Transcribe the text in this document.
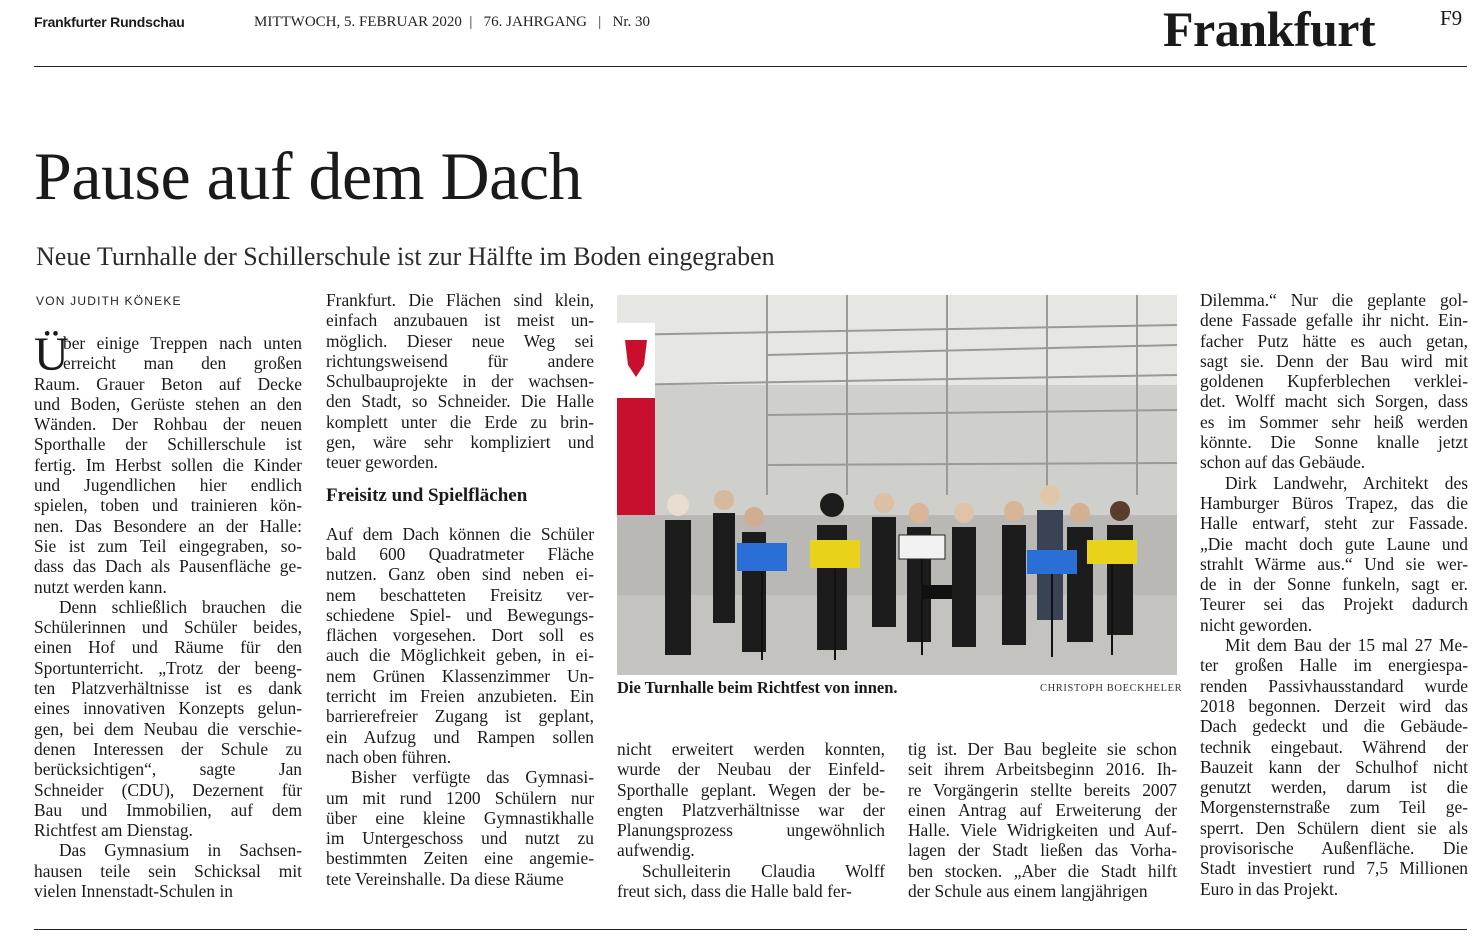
Frankfurter Rundschau	MITTWOCH, 5. FEBRUAR 2020  |   76. JAHRGANG   |   Nr. 30	Frankfurt	F9
Pause auf dem Dach
Neue Turnhalle der Schillerschule ist zur Hälfte im Boden eingegraben
VON JUDITH KÖNEKE
Ü
ber einige Treppen nach unten
erreicht man den großen
Raum. Grauer Beton auf Decke
und Boden, Gerüste stehen an den
Wänden. Der Rohbau der neuen
Sporthalle der Schillerschule ist
fertig. Im Herbst sollen die Kinder
und Jugendlichen hier endlich
spielen, toben und trainieren kön-
nen. Das Besondere an der Halle:
Sie ist zum Teil eingegraben, so-
dass das Dach als Pausenfläche ge-
nutzt werden kann.
Denn schließlich brauchen die
Schülerinnen und Schüler beides,
einen Hof und Räume für den
Sportunterricht. „Trotz der beeng-
ten Platzverhältnisse ist es dank
eines innovativen Konzepts gelun-
gen, bei dem Neubau die verschie-
denen Interessen der Schule zu
berücksichtigen“, sagte Jan
Schneider (CDU), Dezernent für
Bau und Immobilien, auf dem
Richtfest am Dienstag.
Das Gymnasium in Sachsen-
hausen teile sein Schicksal mit
vielen Innenstadt-Schulen in
Frankfurt. Die Flächen sind klein,
einfach anzubauen ist meist un-
möglich. Dieser neue Weg sei
richtungsweisend für andere
Schulbauprojekte in der wachsen-
den Stadt, so Schneider. Die Halle
komplett unter die Erde zu brin-
gen, wäre sehr kompliziert und
teuer geworden.
Freisitz und Spielflächen
Auf dem Dach können die Schüler
bald 600 Quadratmeter Fläche
nutzen. Ganz oben sind neben ei-
nem beschatteten Freisitz ver-
schiedene Spiel- und Bewegungs-
flächen vorgesehen. Dort soll es
auch die Möglichkeit geben, in ei-
nem Grünen Klassenzimmer Un-
terricht im Freien anzubieten. Ein
barrierefreier Zugang ist geplant,
ein Aufzug und Rampen sollen
nach oben führen.
Bisher verfügte das Gymnasi-
um mit rund 1200 Schülern nur
über eine kleine Gymnastikhalle
im Untergeschoss und nutzt zu
bestimmten Zeiten eine angemie-
tete Vereinshalle. Da diese Räume
nicht erweitert werden konnten,
wurde der Neubau der Einfeld-
Sporthalle geplant. Wegen der be-
engten Platzverhältnisse war der
Planungsprozess ungewöhnlich
aufwendig.
Schulleiterin Claudia Wolff
freut sich, dass die Halle bald fer-
tig ist. Der Bau begleite sie schon
seit ihrem Arbeitsbeginn 2016. Ih-
re Vorgängerin stellte bereits 2007
einen Antrag auf Erweiterung der
Halle. Viele Widrigkeiten und Auf-
lagen der Stadt ließen das Vorha-
ben stocken. „Aber die Stadt hilft
der Schule aus einem langjährigen
Dilemma.“ Nur die geplante gol-
dene Fassade gefalle ihr nicht. Ein-
facher Putz hätte es auch getan,
sagt sie. Denn der Bau wird mit
goldenen Kupferblechen verklei-
det. Wolff macht sich Sorgen, dass
es im Sommer sehr heiß werden
könnte. Die Sonne knalle jetzt
schon auf das Gebäude.
Dirk Landwehr, Architekt des
Hamburger Büros Trapez, das die
Halle entwarf, steht zur Fassade.
„Die macht doch gute Laune und
strahlt Wärme aus.“ Und sie wer-
de in der Sonne funkeln, sagt er.
Teurer sei das Projekt dadurch
nicht geworden.
Mit dem Bau der 15 mal 27 Me-
ter großen Halle im energiespa-
renden Passivhausstandard wurde
2018 begonnen. Derzeit wird das
Dach gedeckt und die Gebäude-
technik eingebaut. Während der
Bauzeit kann der Schulhof nicht
genutzt werden, darum ist die
Morgensternstraße zum Teil ge-
sperrt. Den Schülern dient sie als
provisorische Außenfläche. Die
Stadt investiert rund 7,5 Millionen
Euro in das Projekt.
Die Turnhalle beim Richtfest von innen.	CHRISTOPH BOECKHELER
